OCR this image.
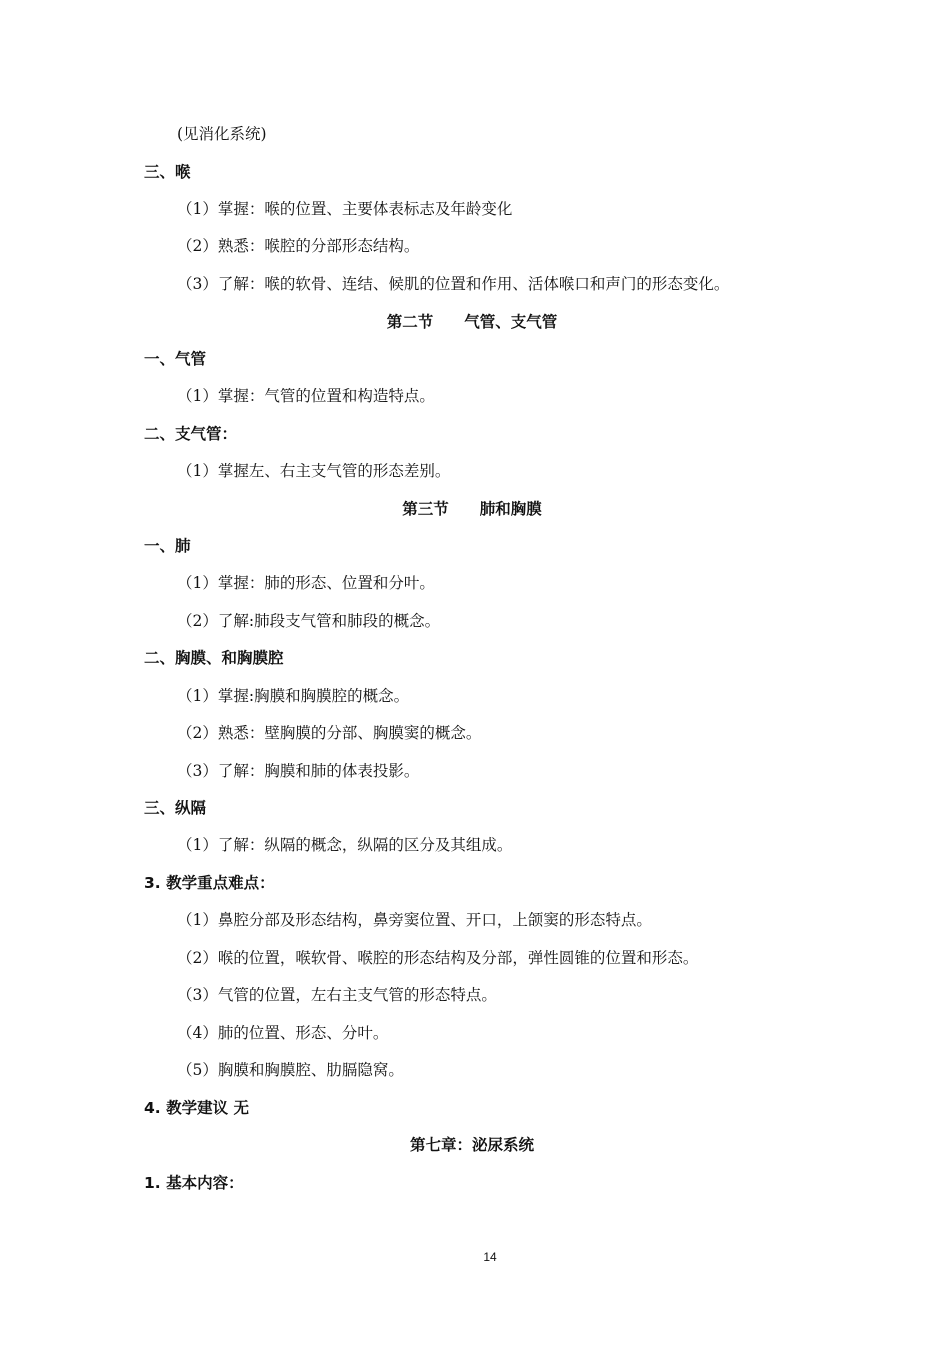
(见消化系统)
三、喉
（1）掌握：喉的位置、主要体表标志及年龄变化
（2）熟悉：喉腔的分部形态结构。
（3）了解：喉的软骨、连结、候肌的位置和作用、活体喉口和声门的形态变化。
第二节　　气管、支气管
一、气管
（1）掌握：气管的位置和构造特点。
二、支气管：
（1）掌握左、右主支气管的形态差别。
第三节　　肺和胸膜
一、肺
（1）掌握：肺的形态、位置和分叶。
（2）了解:肺段支气管和肺段的概念。
二、胸膜、和胸膜腔
（1）掌握:胸膜和胸膜腔的概念。
（2）熟悉：壁胸膜的分部、胸膜窦的概念。
（3）了解：胸膜和肺的体表投影。
三、纵隔
（1）了解：纵隔的概念，纵隔的区分及其组成。
3. 教学重点难点：
（1）鼻腔分部及形态结构，鼻旁窦位置、开口，上颌窦的形态特点。
（2）喉的位置，喉软骨、喉腔的形态结构及分部，弹性圆锥的位置和形态。
（3）气管的位置，左右主支气管的形态特点。
（4）肺的位置、形态、分叶。
（5）胸膜和胸膜腔、肋膈隐窝。
4. 教学建议 无
第七章：泌尿系统
1. 基本内容：
14
